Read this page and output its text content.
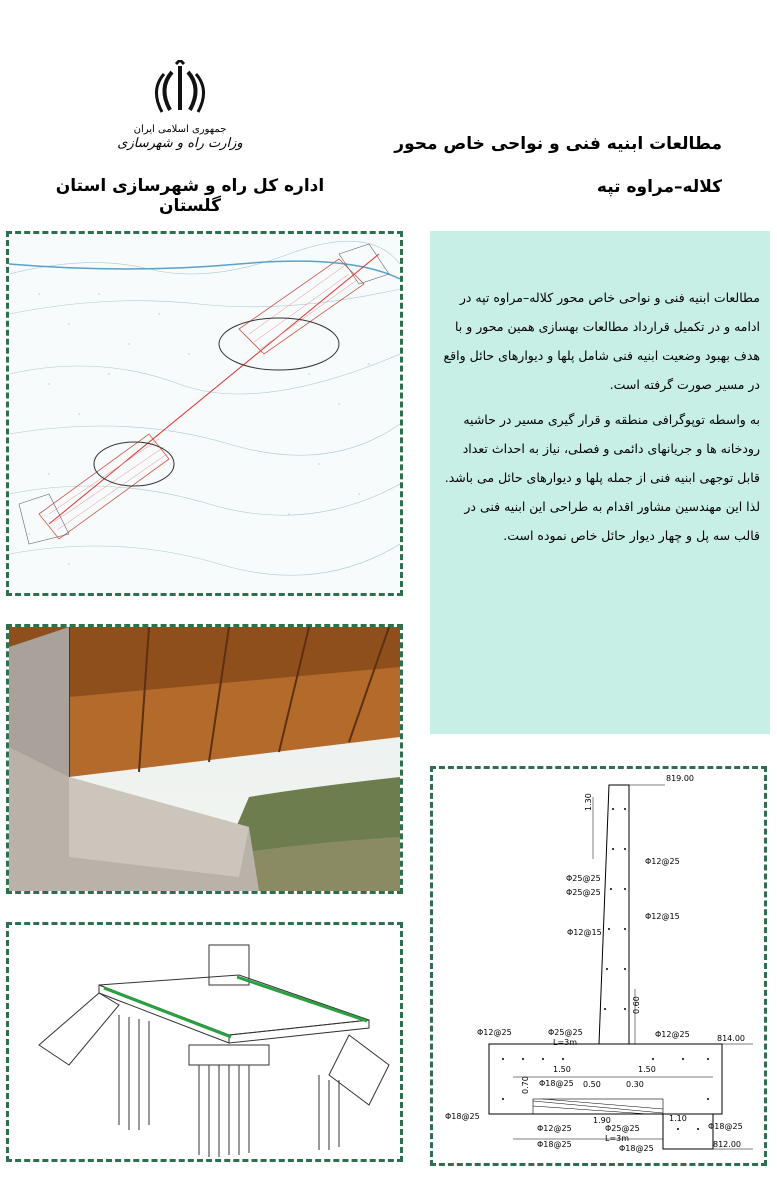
جمهوری اسلامی ایران
وزارت راه و شهرسازی
اداره کل راه و شهرسازی استان گلستان
مطالعات ابنیه فنی و نواحی خاص محور
کلاله–مراوه تپه

مطالعات ابنیه فنی و نواحی خاص محور کلاله–مراوه تپه در ادامه و در تکمیل قرارداد مطالعات بهسازی همین محور و با هدف بهبود وضعیت ابنیه فنی شامل پلها و دیوارهای حائل واقع در مسیر صورت گرفته است.

به واسطه توپوگرافی منطقه و قرار گیری مسیر در حاشیه رودخانه ها و جریانهای دائمی و فصلی، نیاز به احداث تعداد قابل توجهی ابنیه فنی از جمله پلها و دیوارهای حائل می باشد. لذا این مهندسین مشاور اقدام به طراحی این ابنیه فنی در قالب سه پل و چهار دیوار حائل خاص نموده است.

819.00
814.00
812.00
1.30
0.60
1.50	1.50
0.50	0.30
0.70
1.90	1.10
Φ12@25
Φ25@25
Φ25@25
Φ12@15
Φ12@15
Φ12@25
Φ25@25
L=3m
Φ12@25
Φ12@25
L=3m
Φ25@25
Φ18@25
Φ18@25
Φ18@25
Φ18@25	Φ18@25
